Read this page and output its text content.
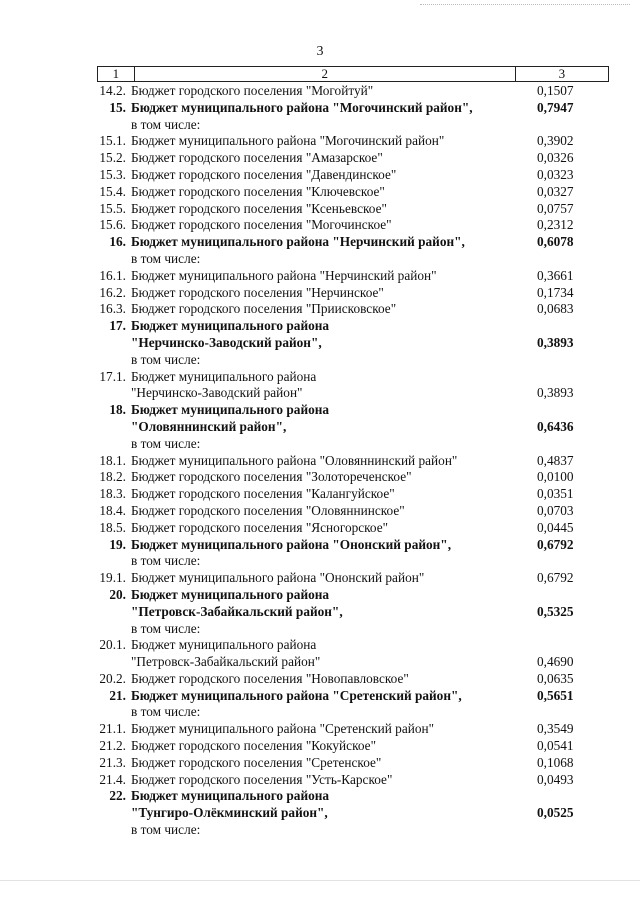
3
1	2	3
14.2. Бюджет городского поселения "Могойтуй"	0,1507
15. Бюджет муниципального района "Могочинский район",	0,7947
в том числе:
15.1. Бюджет муниципального района "Могочинский район"	0,3902
15.2. Бюджет городского поселения "Амазарское"	0,0326
15.3. Бюджет городского поселения "Давендинское"	0,0323
15.4. Бюджет городского поселения "Ключевское"	0,0327
15.5. Бюджет городского поселения "Ксеньевское"	0,0757
15.6. Бюджет городского поселения "Могочинское"	0,2312
16. Бюджет муниципального района "Нерчинский район",	0,6078
в том числе:
16.1. Бюджет муниципального района "Нерчинский район"	0,3661
16.2. Бюджет городского поселения "Нерчинское"	0,1734
16.3. Бюджет городского поселения "Приисковское"	0,0683
17. Бюджет муниципального района
"Нерчинско-Заводский район",	0,3893
в том числе:
17.1. Бюджет муниципального района
"Нерчинско-Заводский район"	0,3893
18. Бюджет муниципального района
"Оловяннинский район",	0,6436
в том числе:
18.1. Бюджет муниципального района "Оловяннинский район"	0,4837
18.2. Бюджет городского поселения "Золотореченское"	0,0100
18.3. Бюджет городского поселения "Калангуйское"	0,0351
18.4. Бюджет городского поселения "Оловяннинское"	0,0703
18.5. Бюджет городского поселения "Ясногорское"	0,0445
19. Бюджет муниципального района "Ононский район",	0,6792
в том числе:
19.1. Бюджет муниципального района "Ононский район"	0,6792
20. Бюджет муниципального района
"Петровск-Забайкальский район",	0,5325
в том числе:
20.1. Бюджет муниципального района
"Петровск-Забайкальский район"	0,4690
20.2. Бюджет городского поселения "Новопавловское"	0,0635
21. Бюджет муниципального района "Сретенский район",	0,5651
в том числе:
21.1. Бюджет муниципального района "Сретенский район"	0,3549
21.2. Бюджет городского поселения "Кокуйское"	0,0541
21.3. Бюджет городского поселения "Сретенское"	0,1068
21.4. Бюджет городского поселения "Усть-Карское"	0,0493
22. Бюджет муниципального района
"Тунгиро-Олёкминский район",	0,0525
в том числе:
